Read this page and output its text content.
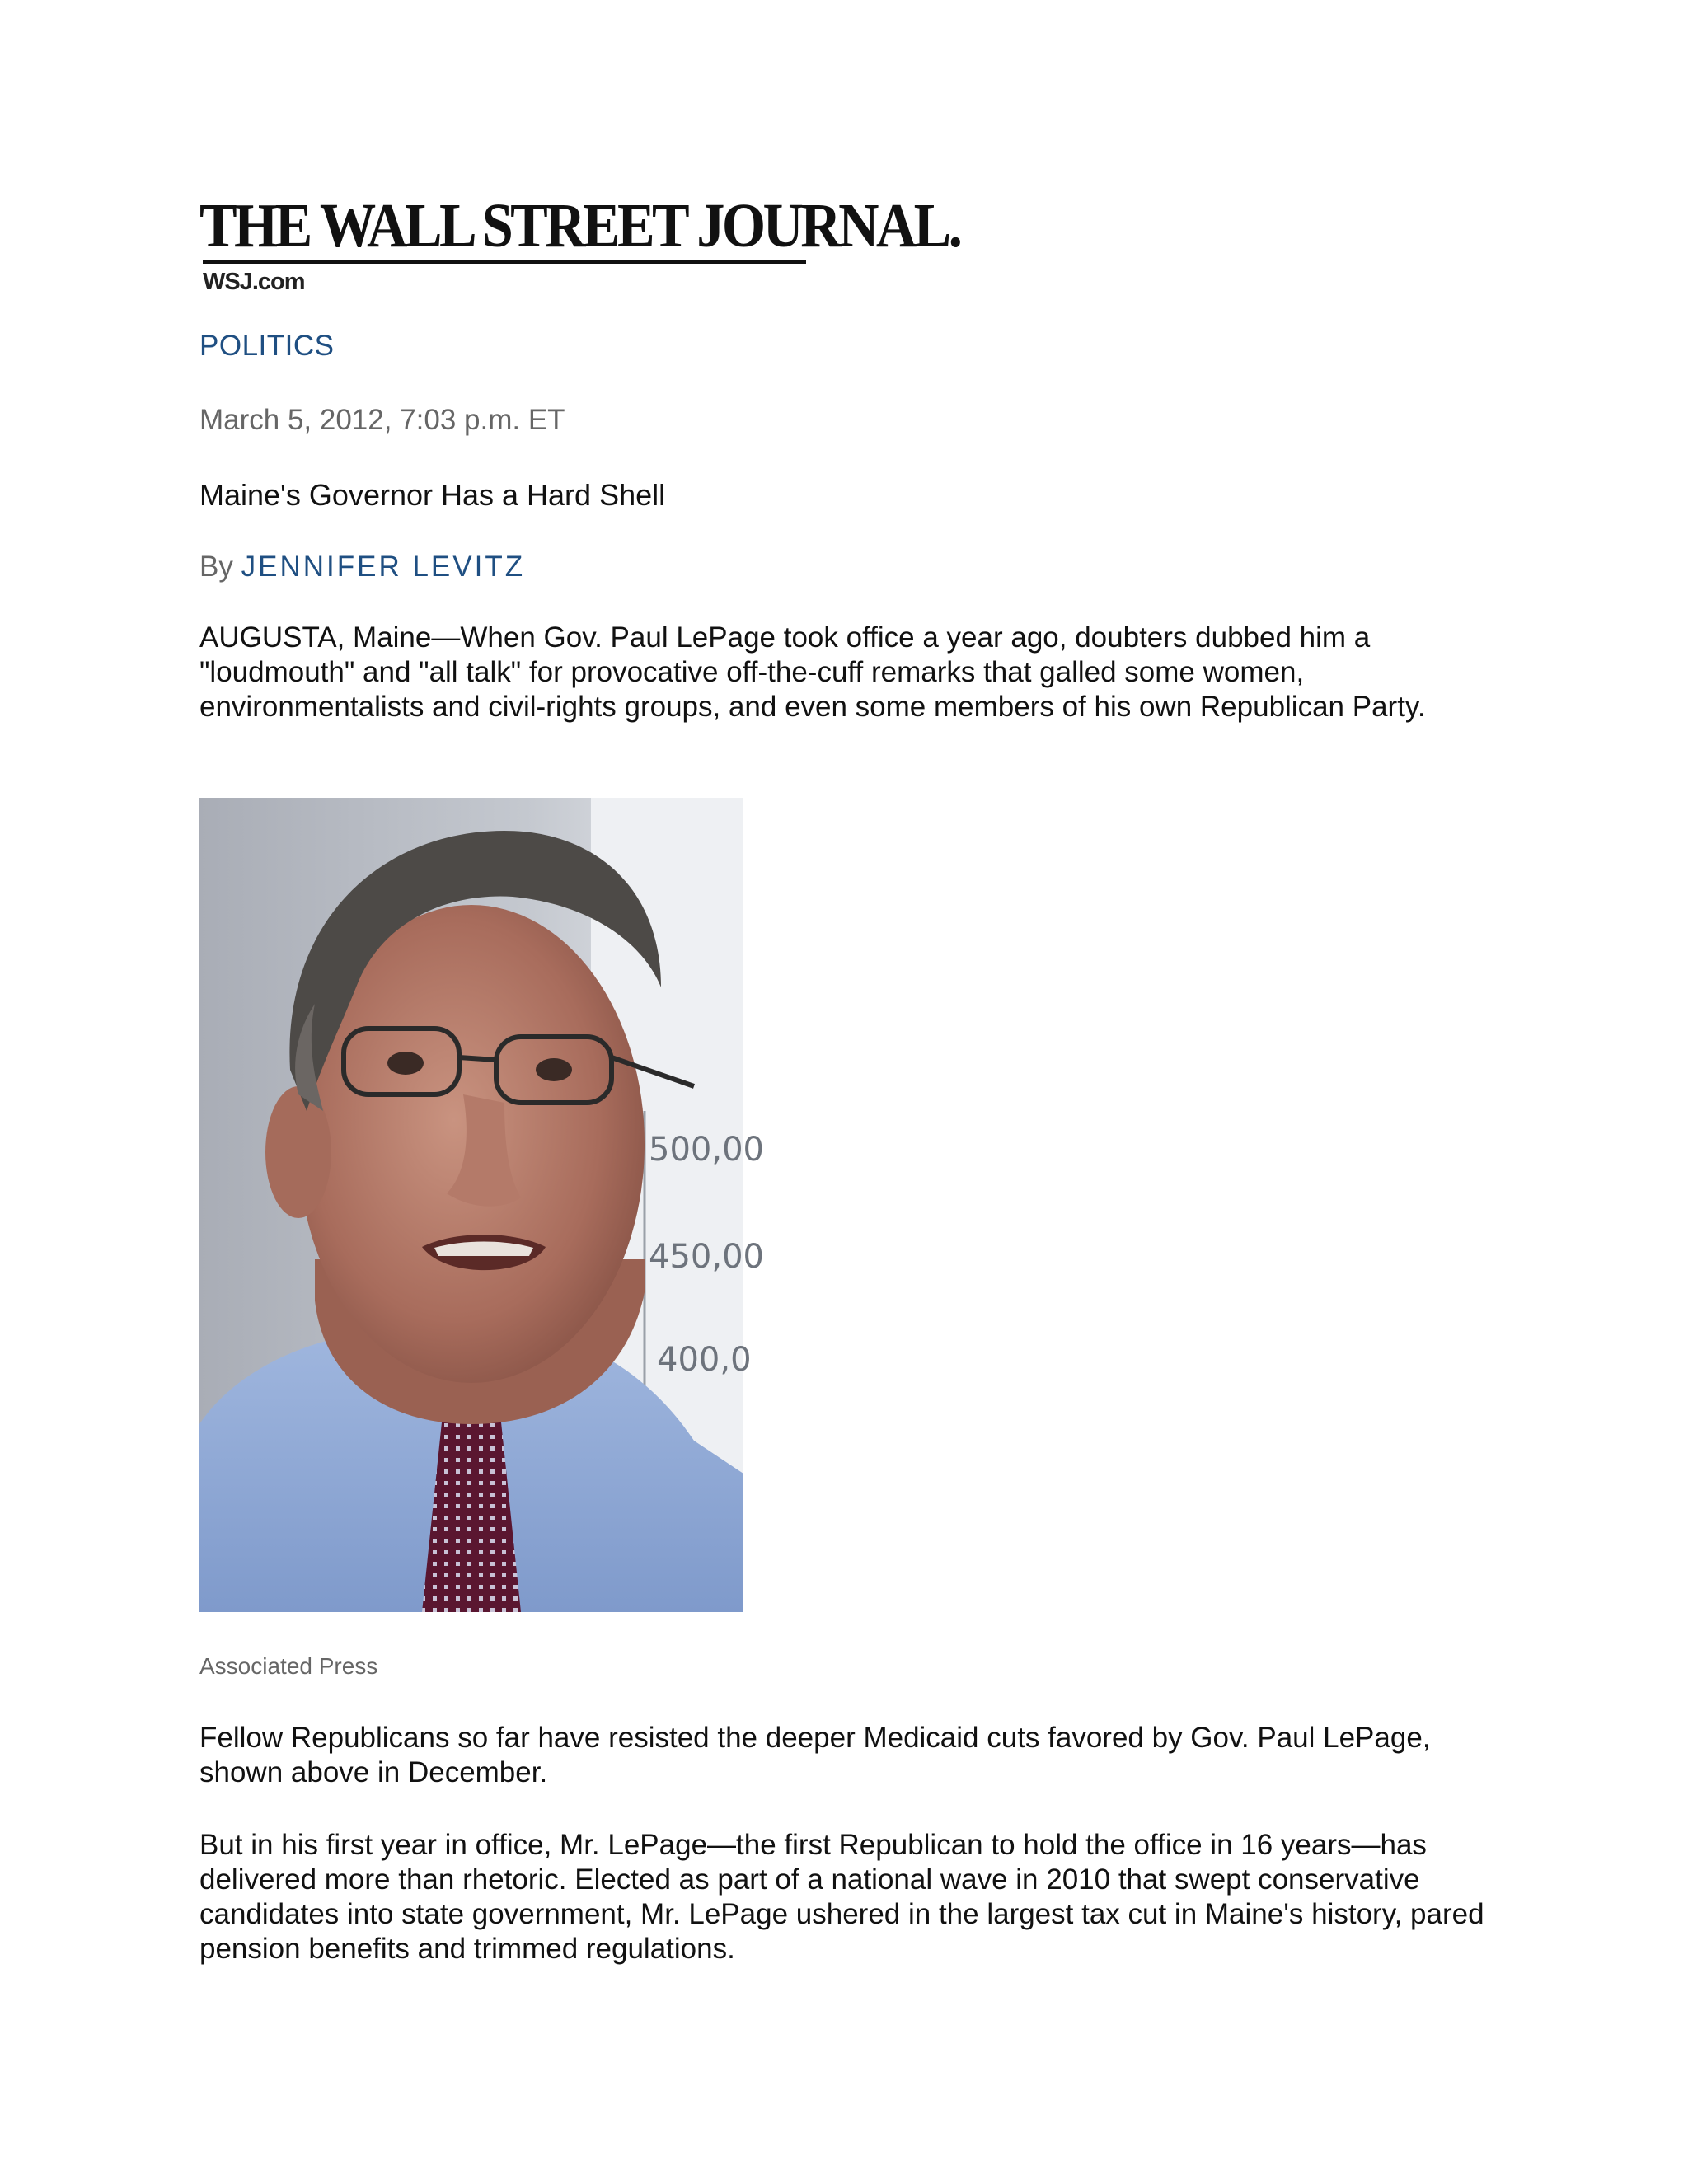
THE WALL STREET JOURNAL.
WSJ.com
POLITICS
March 5, 2012, 7:03 p.m. ET
Maine's Governor Has a Hard Shell
By JENNIFER LEVITZ

AUGUSTA, Maine—When Gov. Paul LePage took office a year ago, doubters dubbed him a "loudmouth" and "all talk" for provocative off-the-cuff remarks that galled some women, environmentalists and civil-rights groups, and even some members of his own Republican Party.

500,00
450,00
400,0
Associated Press

Fellow Republicans so far have resisted the deeper Medicaid cuts favored by Gov. Paul LePage, shown above in December.

But in his first year in office, Mr. LePage—the first Republican to hold the office in 16 years—has delivered more than rhetoric. Elected as part of a national wave in 2010 that swept conservative candidates into state government, Mr. LePage ushered in the largest tax cut in Maine's history, pared pension benefits and trimmed regulations.
